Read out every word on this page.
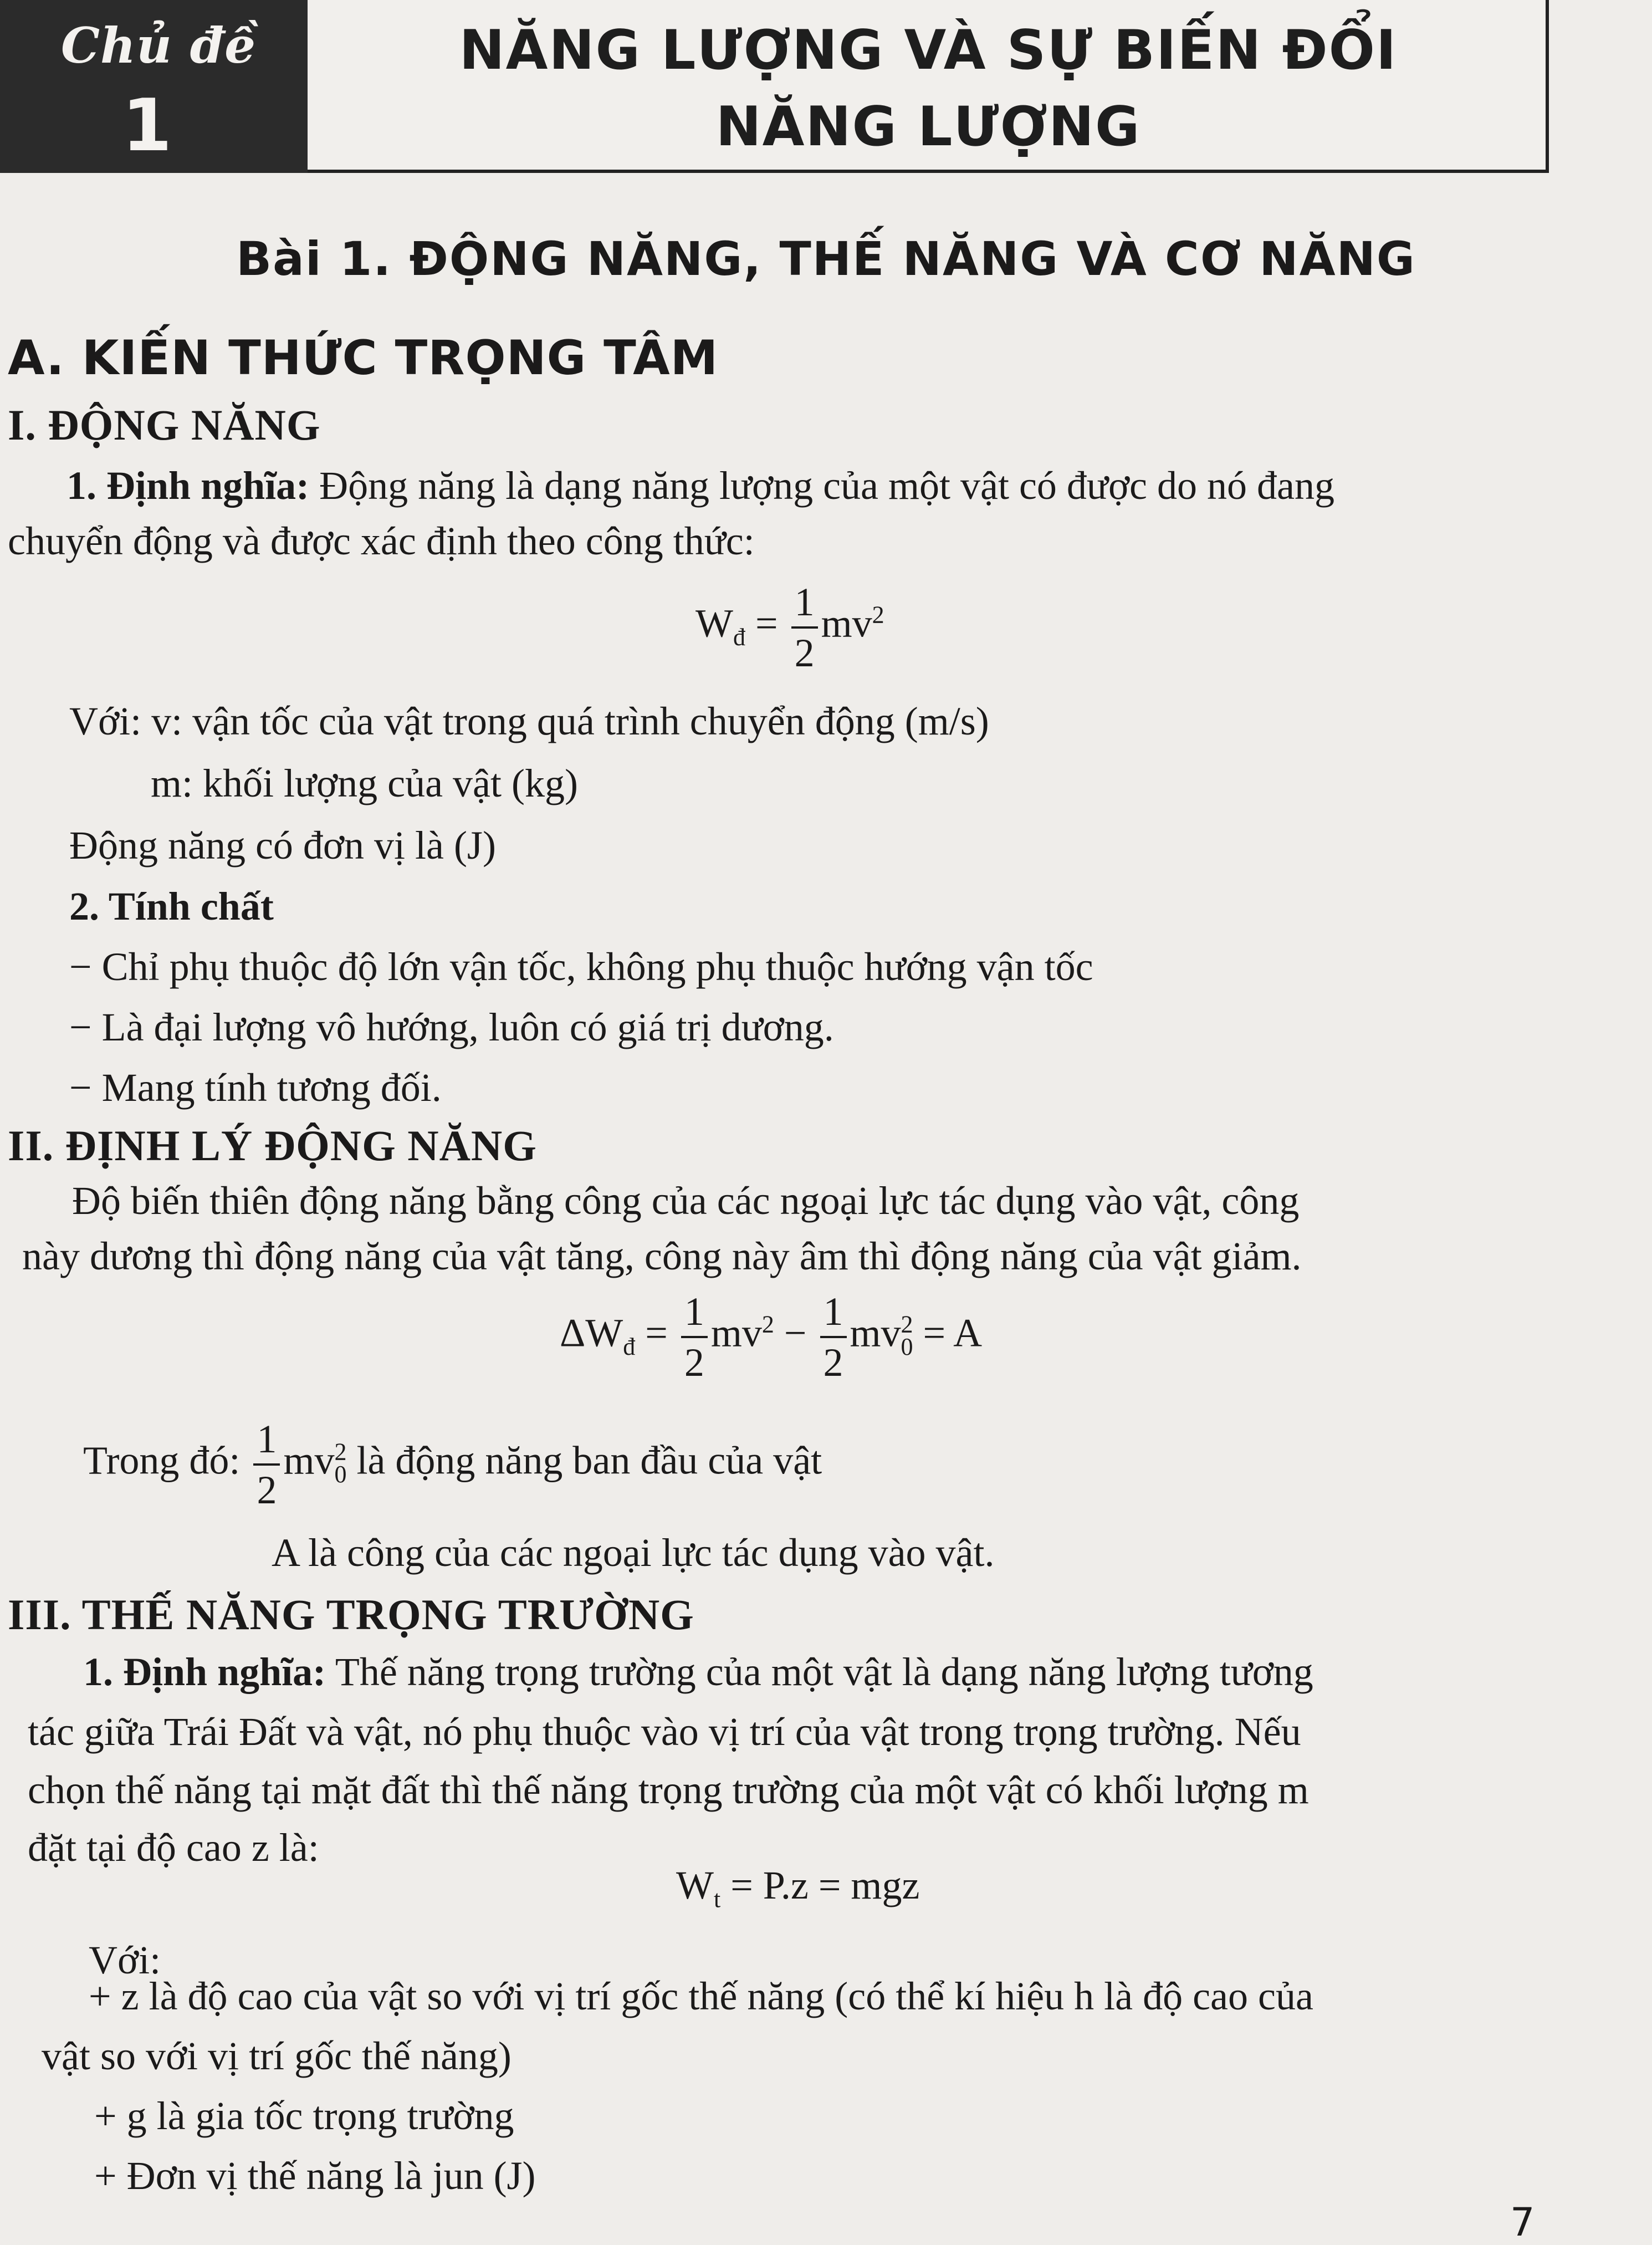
Chủ đề
1
NĂNG LƯỢNG VÀ SỰ BIẾN ĐỔI
NĂNG LƯỢNG
Bài 1. ĐỘNG NĂNG, THẾ NĂNG VÀ CƠ NĂNG
A. KIẾN THỨC TRỌNG TÂM
I. ĐỘNG NĂNG
1. Định nghĩa: Động năng là dạng năng lượng của một vật có được do nó đang
chuyển động và được xác định theo công thức:
$W_đ = \frac{1}{2} mv^2$
Với: v: vận tốc của vật trong quá trình chuyển động (m/s)
m: khối lượng của vật (kg)
Động năng có đơn vị là (J)
2. Tính chất
− Chỉ phụ thuộc độ lớn vận tốc, không phụ thuộc hướng vận tốc
− Là đại lượng vô hướng, luôn có giá trị dương.
− Mang tính tương đối.
II. ĐỊNH LÝ ĐỘNG NĂNG
Độ biến thiên động năng bằng công của các ngoại lực tác dụng vào vật, công
này dương thì động năng của vật tăng, công này âm thì động năng của vật giảm.
$\Delta W_đ = \frac{1}{2} mv^2 - \frac{1}{2} mv^2_0 = A$
Trong đó: $\frac{1}{2} mv^2_0$ là động năng ban đầu của vật
A là công của các ngoại lực tác dụng vào vật.
III. THẾ NĂNG TRỌNG TRƯỜNG
1. Định nghĩa: Thế năng trọng trường của một vật là dạng năng lượng tương
tác giữa Trái Đất và vật, nó phụ thuộc vào vị trí của vật trong trọng trường. Nếu
chọn thế năng tại mặt đất thì thế năng trọng trường của một vật có khối lượng m
đặt tại độ cao z là:
$W_t = P.z$ = mgz
Với:
+ z là độ cao của vật so với vị trí gốc thế năng (có thể kí hiệu h là độ cao của
vật so với vị trí gốc thế năng)
+ g là gia tốc trọng trường
+ Đơn vị thế năng là jun (J)
7
